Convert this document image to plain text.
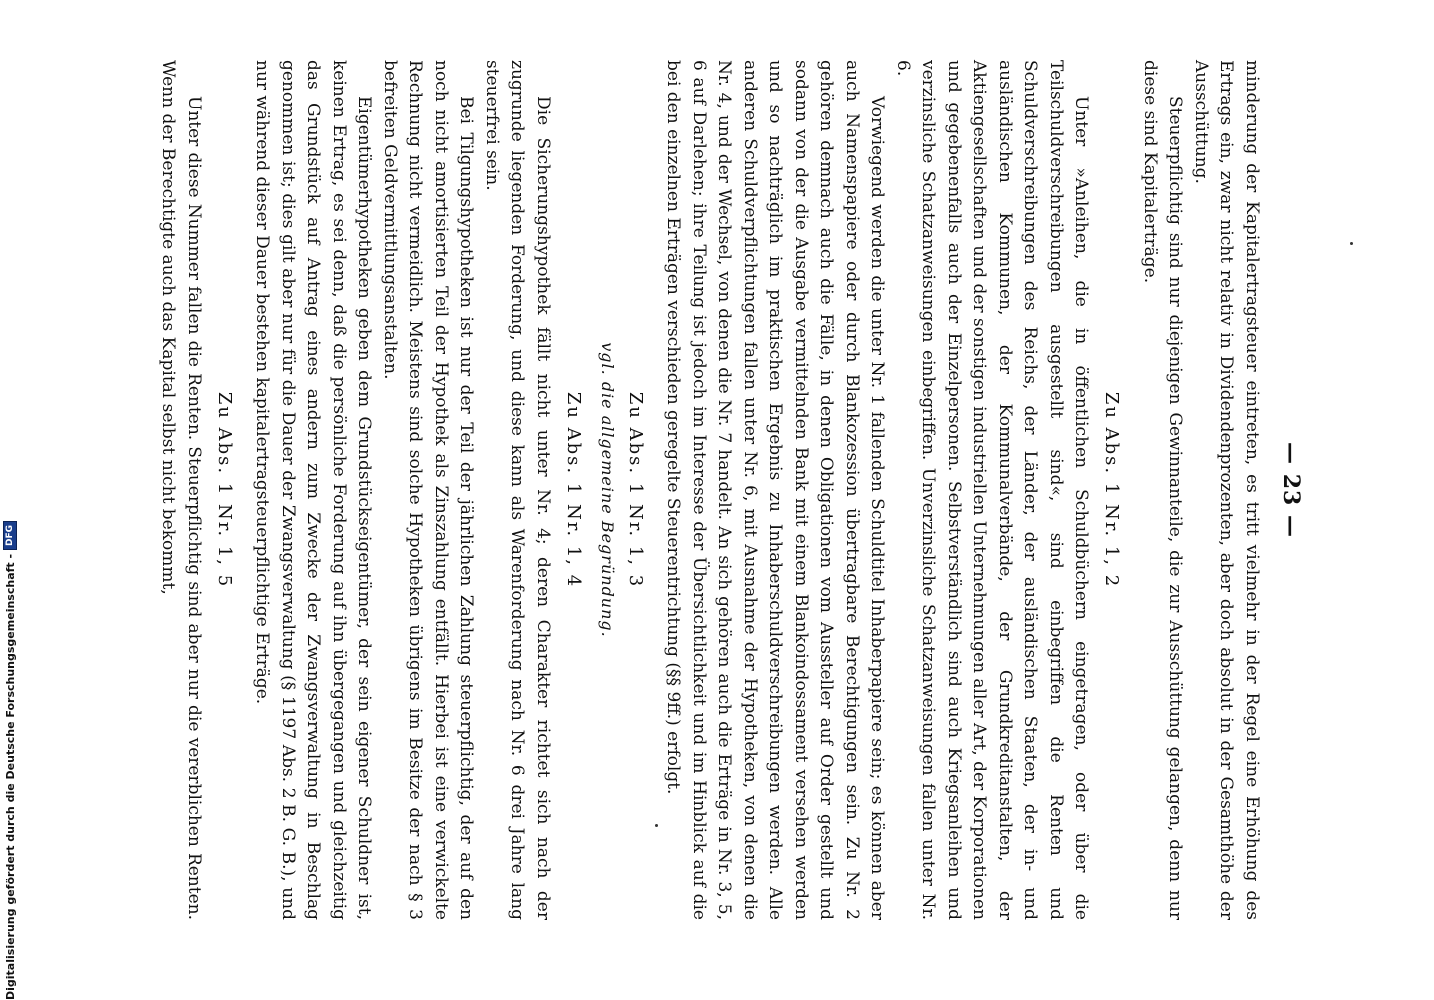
— 23 —

minderung der Kapitalertragsteuer eintreten, es tritt vielmehr in der Regel eine Erhöhung des Ertrags ein, zwar nicht relativ in Dividendenprozenten, aber doch absolut in der Gesamthöhe der Ausschüttung.

Steuerpflichtig sind nur diejenigen Gewinnanteile, die zur Ausschüttung gelangen, denn nur diese sind Kapitalerträge.

Zu Abs. 1 Nr. 1, 2

Unter »Anleihen, die in öffentlichen Schuldbüchern eingetragen, oder über die Teilschuldverschreibungen ausgestellt sind«, sind einbegriffen die Renten und Schuldverschreibungen des Reichs, der Länder, der ausländischen Staaten, der in- und ausländischen Kommunen, der Kommunalverbände, der Grundkreditanstalten, der Aktiengesellschaften und der sonstigen industriellen Unternehmungen aller Art, der Korporationen und gegebenenfalls auch der Einzelpersonen. Selbstverständlich sind auch Kriegsanleihen und verzinsliche Schatzanweisungen einbegriffen. Unverzinsliche Schatzanweisungen fallen unter Nr. 6.

Vorwiegend werden die unter Nr. 1 fallenden Schuldtitel Inhaberpapiere sein; es können aber auch Namenspapiere oder durch Blankozession übertragbare Berechtigungen sein. Zu Nr. 2 gehören demnach auch die Fälle, in denen Obligationen vom Aussteller auf Order gestellt und sodann von der die Ausgabe vermittelnden Bank mit einem Blankoindossament versehen werden und so nachträglich im praktischen Ergebnis zu Inhaberschuldverschreibungen werden. Alle anderen Schuldverpflichtungen fallen unter Nr. 6, mit Ausnahme der Hypotheken, von denen die Nr. 4, und der Wechsel, von denen die Nr. 7 handelt. An sich gehören auch die Erträge in Nr. 3, 5, 6 auf Darlehen; ihre Teilung ist jedoch im Interesse der Übersichtlichkeit und im Hinblick auf die bei den einzelnen Erträgen verschieden geregelte Steuerentrichtung (§§ 9ff.) erfolgt.

Zu Abs. 1 Nr. 1, 3

vgl. die allgemeine Begründung.

Zu Abs. 1 Nr. 1, 4

Die Sicherungshypothek fällt nicht unter Nr. 4; deren Charakter richtet sich nach der zugrunde liegenden Forderung, und diese kann als Warenforderung nach Nr. 6 drei Jahre lang steuerfrei sein.

Bei Tilgungshypotheken ist nur der Teil der jährlichen Zahlung steuerpflichtig, der auf den noch nicht amortisierten Teil der Hypothek als Zinszahlung entfällt. Hierbei ist eine verwickelte Rechnung nicht vermeidlich. Meistens sind solche Hypotheken übrigens im Besitze der nach § 3 befreiten Geldvermittlungsanstalten.

Eigentümerhypotheken geben dem Grundstückseigentümer, der sein eigener Schuldner ist, keinen Ertrag, es sei denn, daß die persönliche Forderung auf ihn übergegangen und gleichzeitig das Grundstück auf Antrag eines andern zum Zwecke der Zwangsverwaltung in Beschlag genommen ist; dies gilt aber nur für die Dauer der Zwangsverwaltung (§ 1197 Abs. 2 B. G. B.), und nur während dieser Dauer bestehen kapitalertragsteuerpflichtige Erträge.

Zu Abs. 1 Nr. 1, 5

Unter diese Nummer fallen die Renten. Steuerpflichtig sind aber nur die vererblichen Renten. Wenn der Berechtigte auch das Kapital selbst nicht bekommt,

Digitalisierung gefördert durch die Deutsche Forschungsgemeinschaft -
DFG
